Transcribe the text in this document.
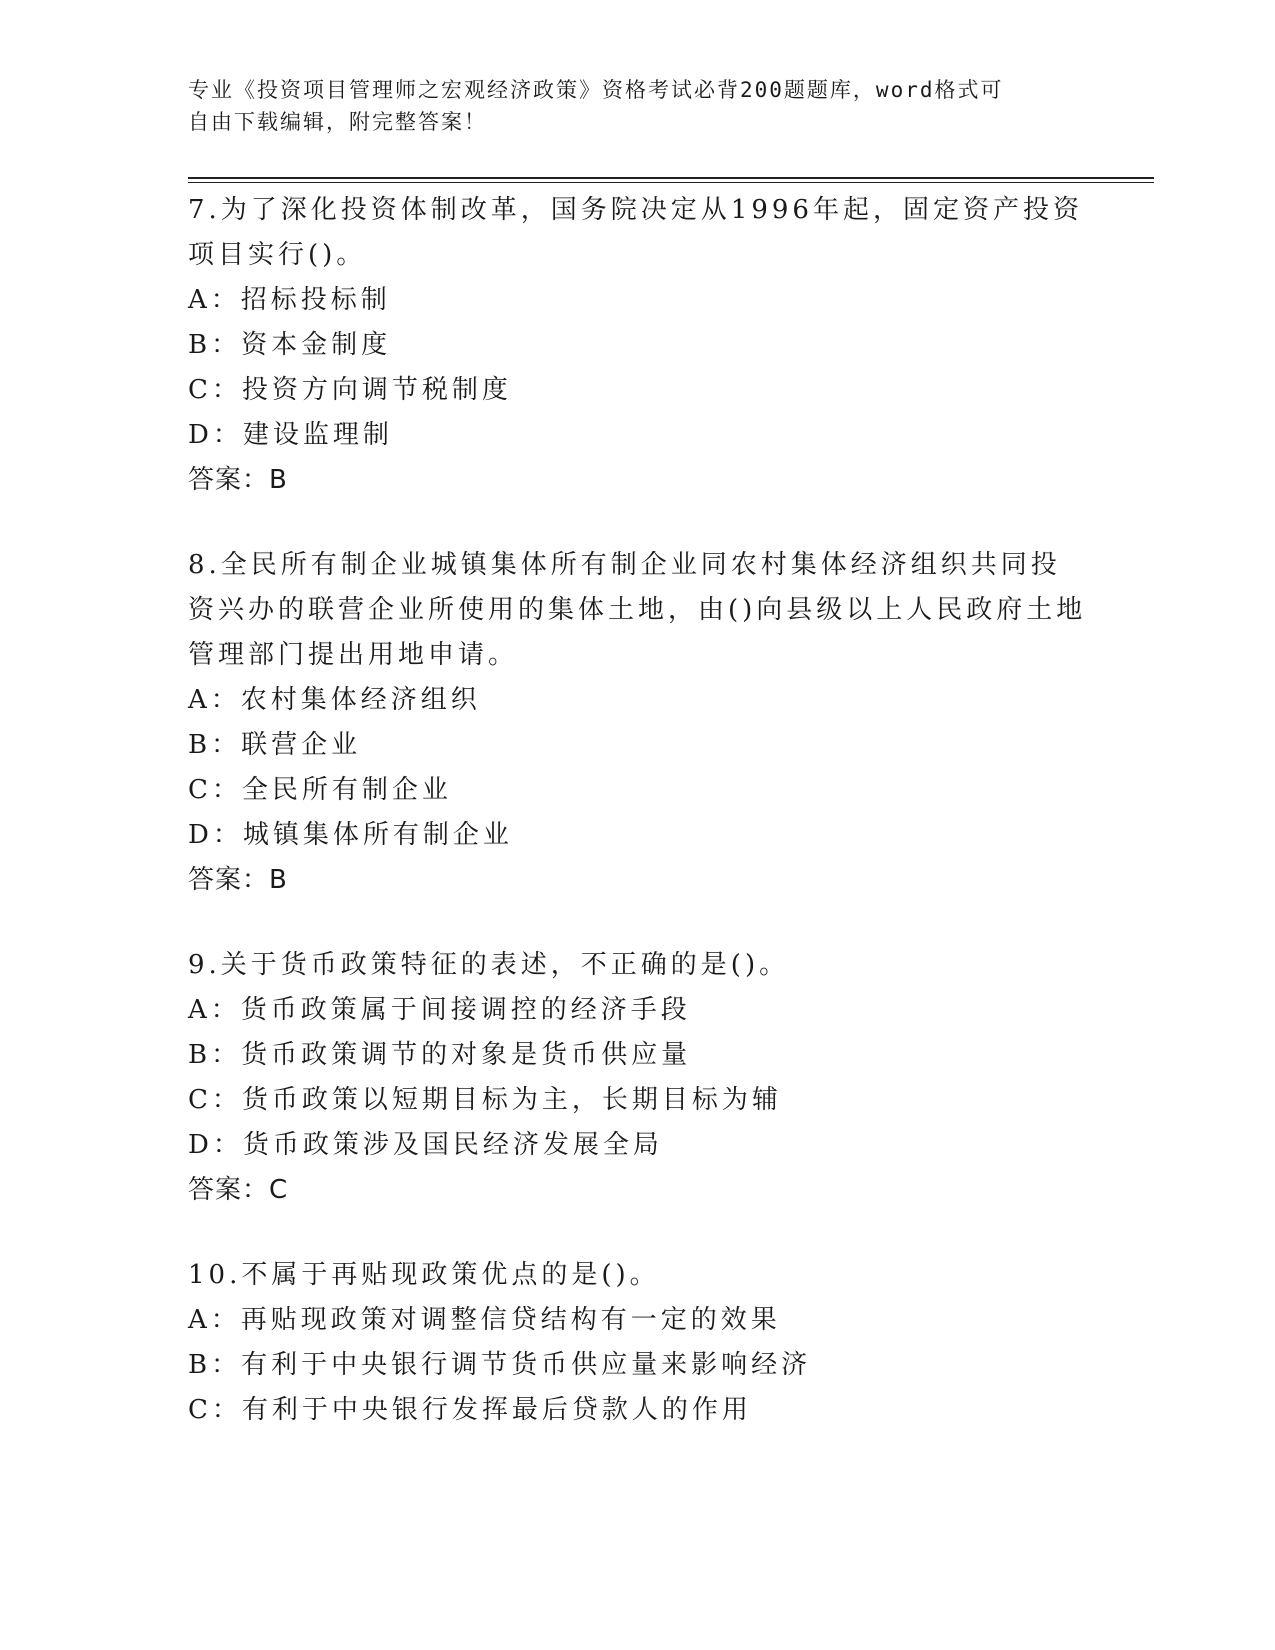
专业《投资项目管理师之宏观经济政策》资格考试必背200题题库，word格式可
自由下载编辑，附完整答案！

7.为了深化投资体制改革，国务院决定从1996年起，固定资产投资项目实行()。

A：招标投标制

B：资本金制度

C：投资方向调节税制度

D：建设监理制

答案：B

8.全民所有制企业城镇集体所有制企业同农村集体经济组织共同投资兴办的联营企业所使用的集体土地，由()向县级以上人民政府土地管理部门提出用地申请。

A：农村集体经济组织

B：联营企业

C：全民所有制企业

D：城镇集体所有制企业

答案：B

9.关于货币政策特征的表述，不正确的是()。

A：货币政策属于间接调控的经济手段

B：货币政策调节的对象是货币供应量

C：货币政策以短期目标为主，长期目标为辅

D：货币政策涉及国民经济发展全局

答案：C

10.不属于再贴现政策优点的是()。

A：再贴现政策对调整信贷结构有一定的效果

B：有利于中央银行调节货币供应量来影响经济

C：有利于中央银行发挥最后贷款人的作用
